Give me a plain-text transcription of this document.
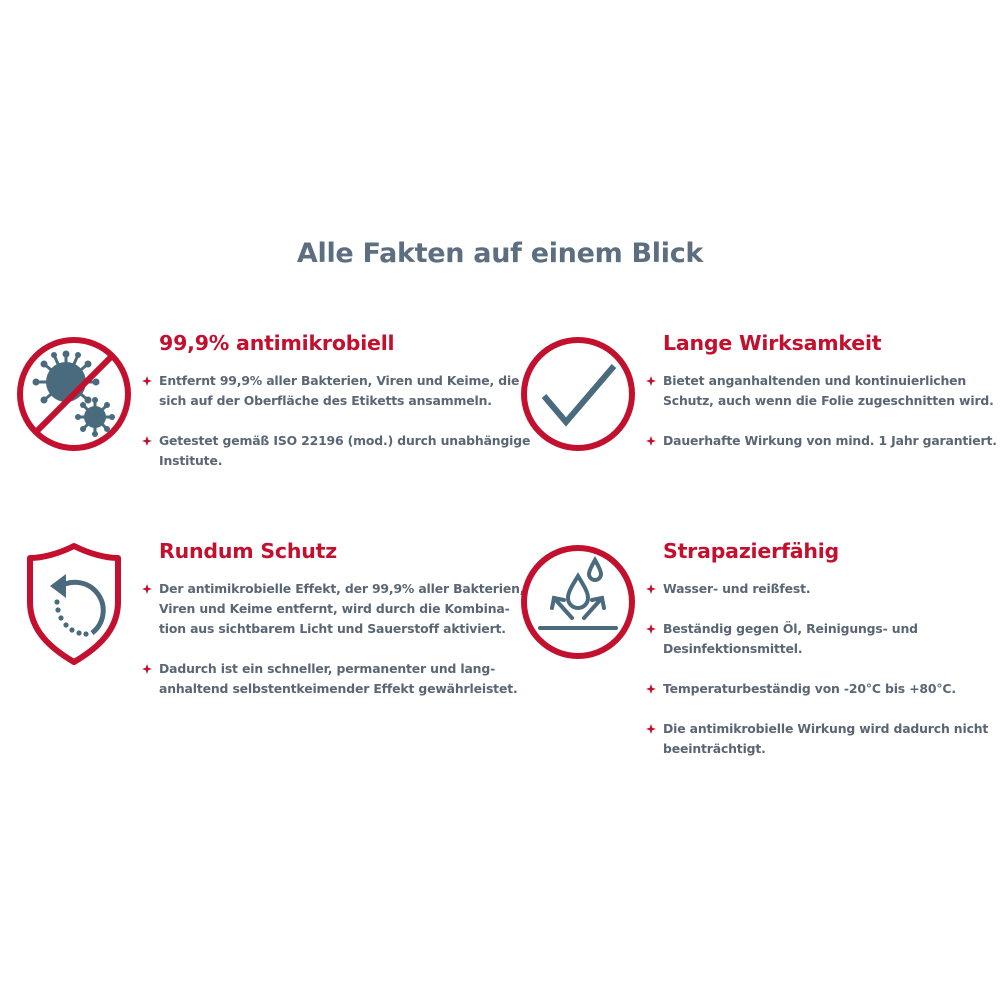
Alle Fakten auf einem Blick
99,9% antimikrobiell
Entfernt 99,9% aller Bakterien, Viren und Keime, die
sich auf der Oberfläche des Etiketts ansammeln.
Getestet gemäß ISO 22196 (mod.) durch unabhängige
Institute.
Lange Wirksamkeit
Bietet anganhaltenden und kontinuierlichen
Schutz, auch wenn die Folie zugeschnitten wird.
Dauerhafte Wirkung von mind. 1 Jahr garantiert.
Rundum Schutz
Der antimikrobielle Effekt, der 99,9% aller Bakterien,
Viren und Keime entfernt, wird durch die Kombina-
tion aus sichtbarem Licht und Sauerstoff aktiviert.
Dadurch ist ein schneller, permanenter und lang-
anhaltend selbstentkeimender Effekt gewährleistet.
Strapazierfähig
Wasser- und reißfest.
Beständig gegen Öl, Reinigungs- und
Desinfektionsmittel.
Temperaturbeständig von -20°C bis +80°C.
Die antimikrobielle Wirkung wird dadurch nicht
beeinträchtigt.
